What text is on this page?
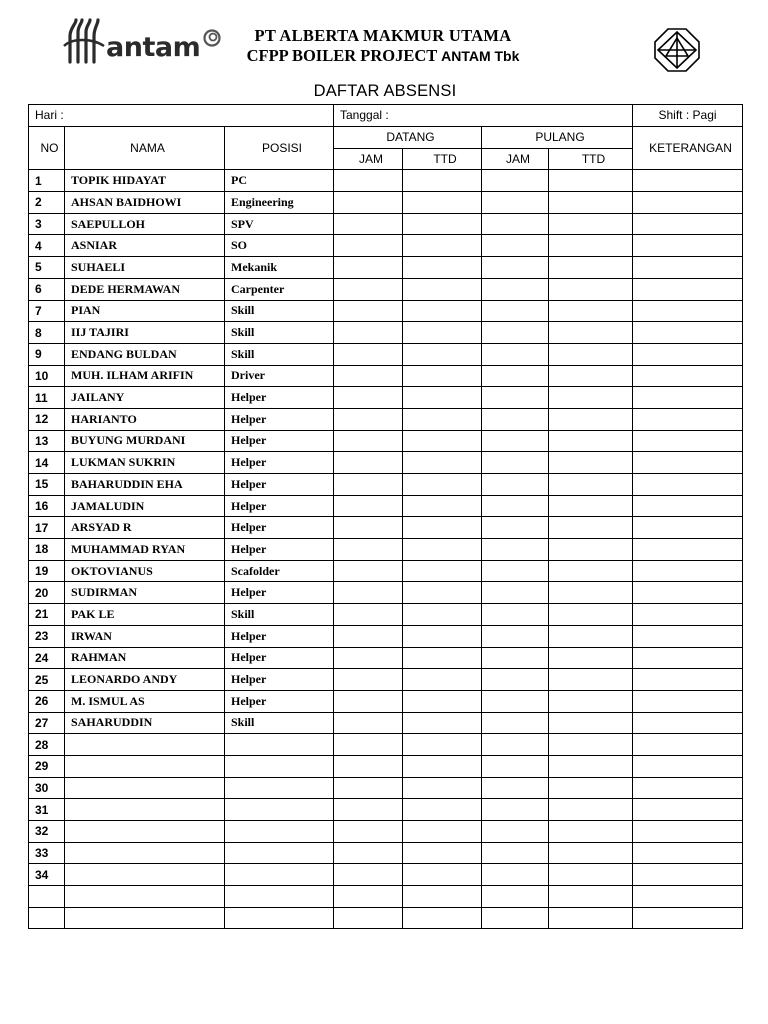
antam	PT ALBERTA MAKMUR UTAMA
CFPP BOILER PROJECT ANTAM Tbk
DAFTAR ABSENSI
Hari :			Tanggal :				Shift : Pagi
NO	NAMA	POSISI	DATANG		PULANG		KETERANGAN
			JAM	TTD	JAM	TTD	
1	TOPIK HIDAYAT	PC					
2	AHSAN BAIDHOWI	Engineering					
3	SAEPULLOH	SPV					
4	ASNIAR	SO					
5	SUHAELI	Mekanik					
6	DEDE HERMAWAN	Carpenter					
7	PIAN	Skill					
8	IIJ TAJIRI	Skill					
9	ENDANG BULDAN	Skill					
10	MUH. ILHAM ARIFIN	Driver					
11	JAILANY	Helper					
12	HARIANTO	Helper					
13	BUYUNG MURDANI	Helper					
14	LUKMAN SUKRIN	Helper					
15	BAHARUDDIN EHA	Helper					
16	JAMALUDIN	Helper					
17	ARSYAD R	Helper					
18	MUHAMMAD RYAN	Helper					
19	OKTOVIANUS	Scafolder					
20	SUDIRMAN	Helper					
21	PAK LE	Skill					
23	IRWAN	Helper					
24	RAHMAN	Helper					
25	LEONARDO ANDY	Helper					
26	M. ISMUL AS	Helper					
27	SAHARUDDIN	Skill					
28							
29							
30							
31							
32							
33							
34							
